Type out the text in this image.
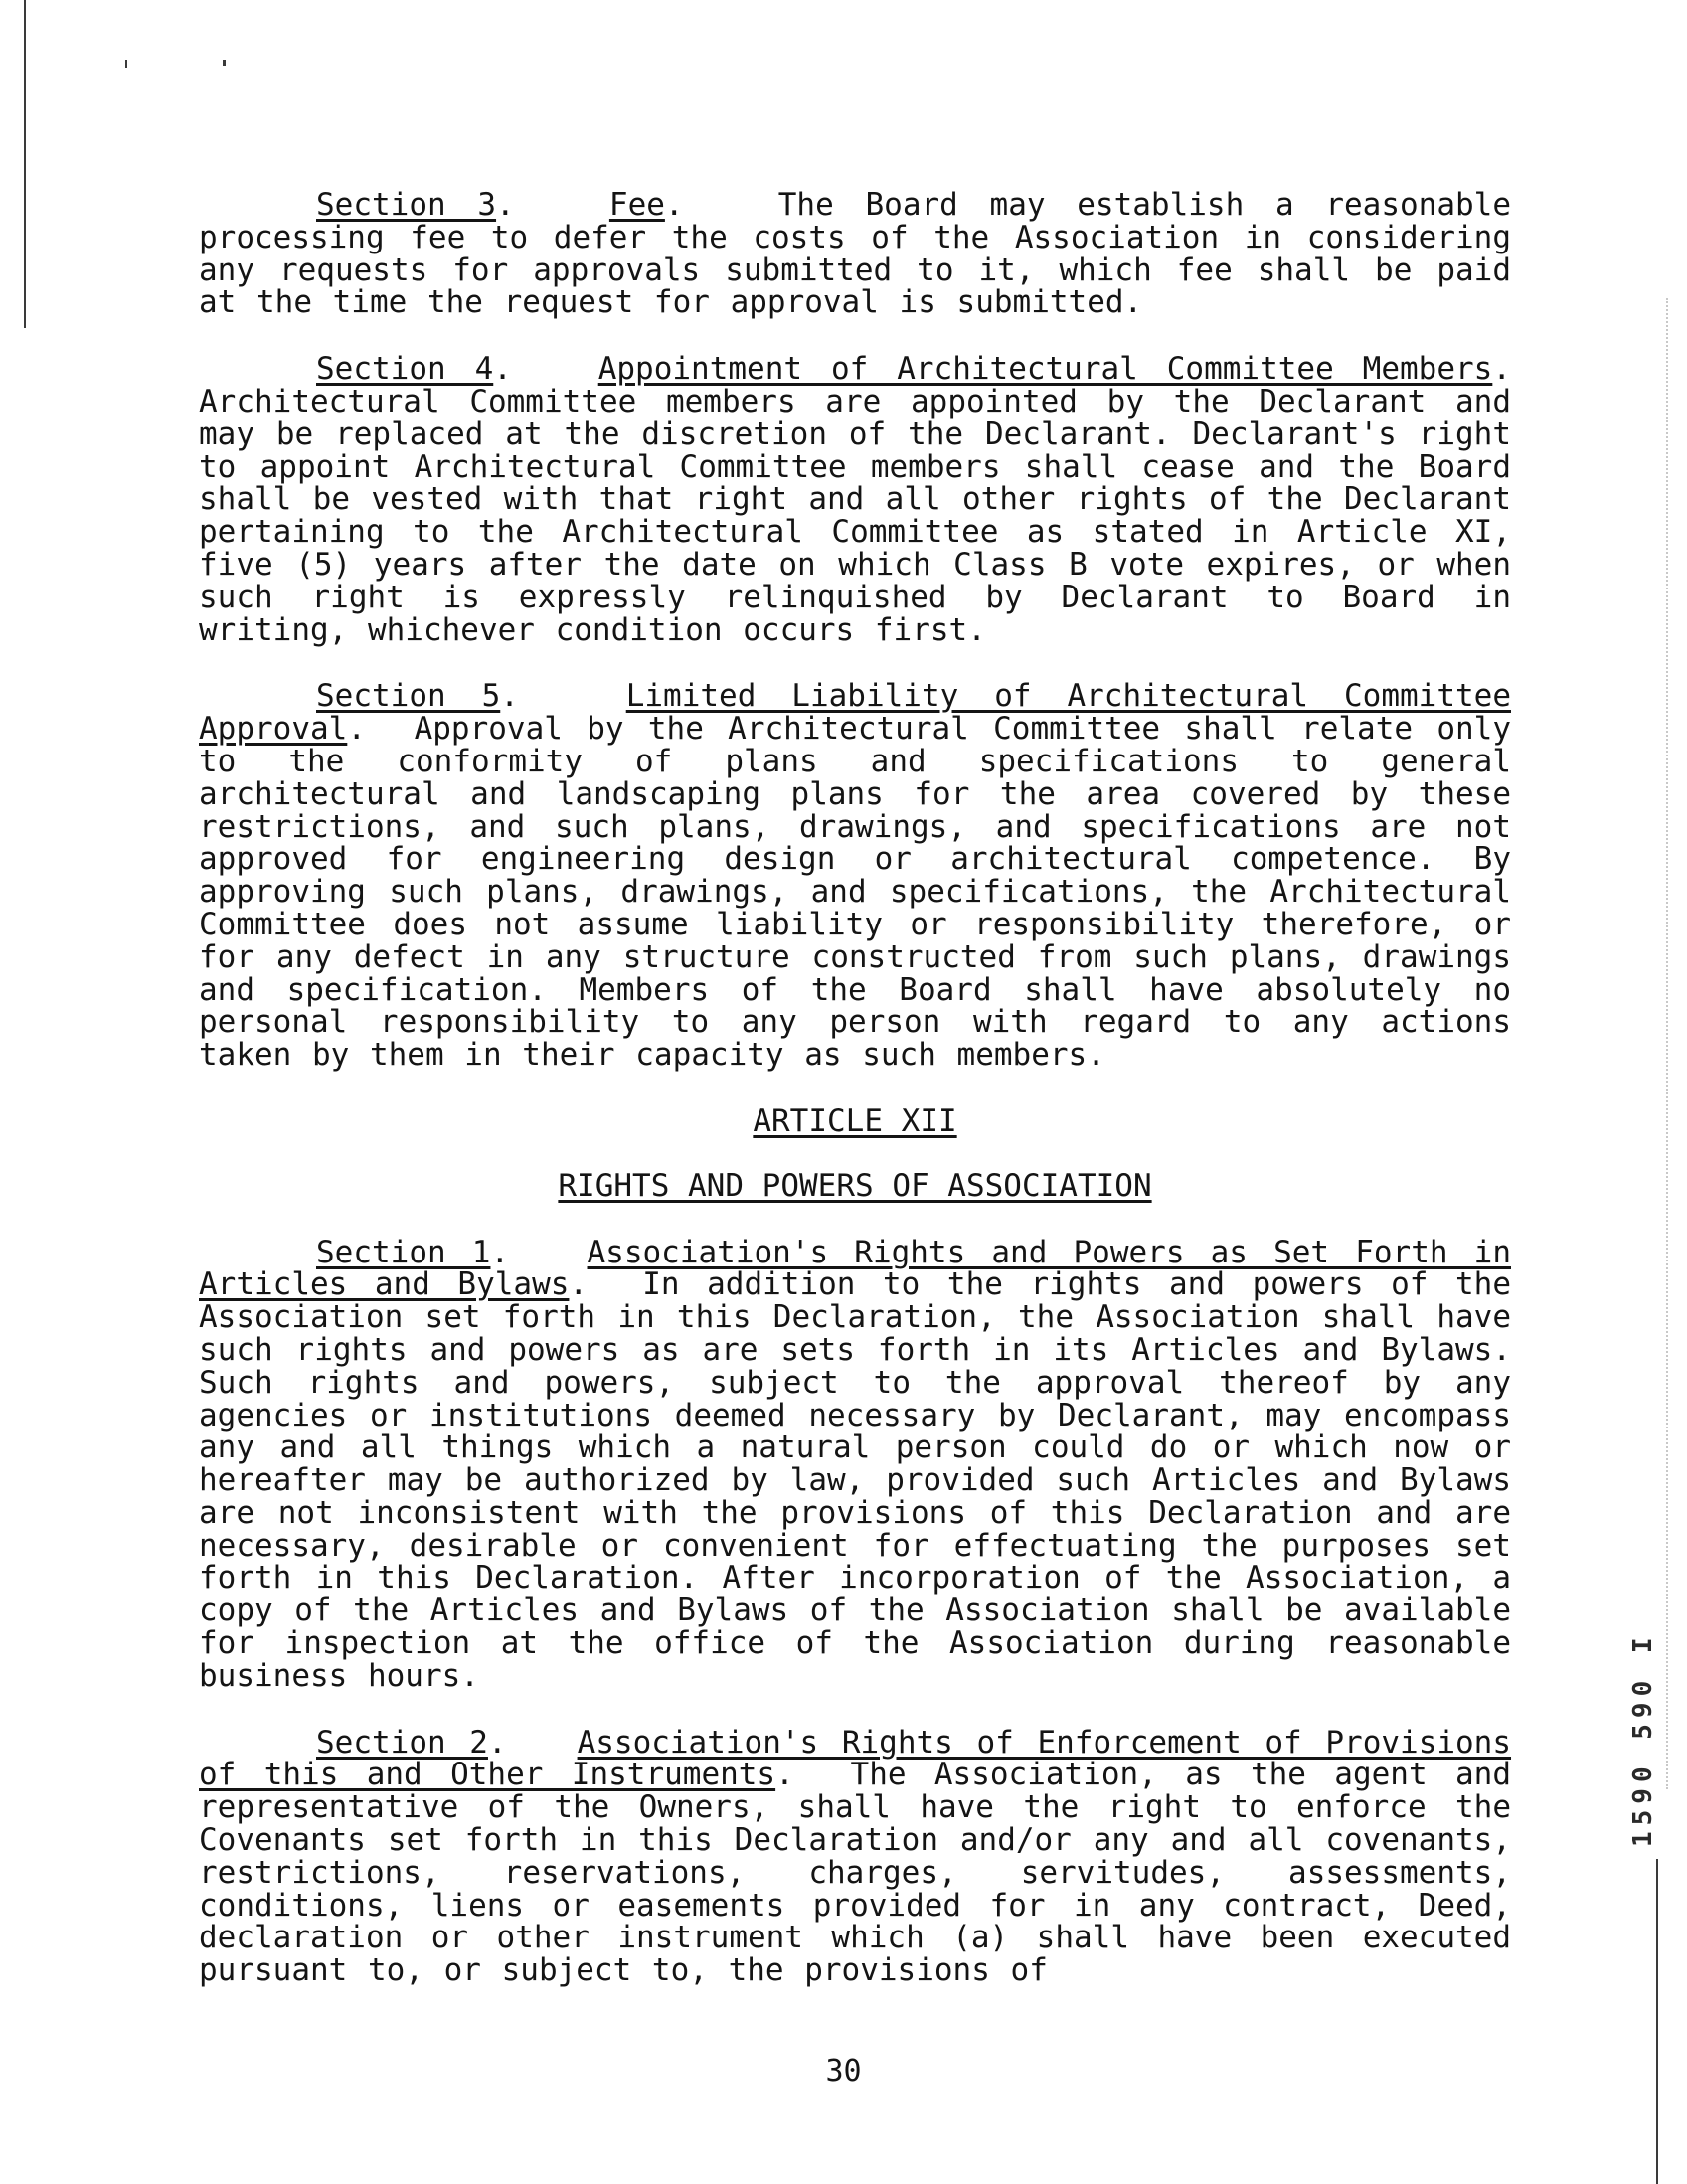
1590 590 I

Section 3.   Fee.   The Board may establish a reasonable processing fee to defer the costs of the Association in considering any requests for approvals submitted to it, which fee shall be paid at the time the request for approval is submitted.

Section 4.   Appointment of Architectural Committee Members. Architectural Committee members are appointed by the Declarant and may be replaced at the discretion of the Declarant. Declarant's right to appoint Architectural Committee members shall cease and the Board shall be vested with that right and all other rights of the Declarant pertaining to the Architectural Committee as stated in Article XI, five (5) years after the date on which Class B vote expires, or when such right is expressly relinquished by Declarant to Board in writing, whichever condition occurs first.

Section 5.   Limited Liability of Architectural Committee Approval.  Approval by the Architectural Committee shall relate only to the conformity of plans and specifications to general architectural and landscaping plans for the area covered by these restrictions, and such plans, drawings, and specifications are not approved for engineering design or architectural competence. By approving such plans, drawings, and specifications, the Architectural Committee does not assume liability or responsibility therefore, or for any defect in any structure constructed from such plans, drawings and specification. Members of the Board shall have absolutely no personal responsibility to any person with regard to any actions taken by them in their capacity as such members.

ARTICLE XII

RIGHTS AND POWERS OF ASSOCIATION

Section 1.   Association's Rights and Powers as Set Forth in Articles and Bylaws.  In addition to the rights and powers of the Association set forth in this Declaration, the Association shall have such rights and powers as are sets forth in its Articles and Bylaws. Such rights and powers, subject to the approval thereof by any agencies or institutions deemed necessary by Declarant, may encompass any and all things which a natural person could do or which now or hereafter may be authorized by law, provided such Articles and Bylaws are not inconsistent with the provisions of this Declaration and are necessary, desirable or convenient for effectuating the purposes set forth in this Declaration. After incorporation of the Association, a copy of the Articles and Bylaws of the Association shall be available for inspection at the office of the Association during reasonable business hours.

Section 2.   Association's Rights of Enforcement of Provisions of this and Other Instruments.  The Association, as the agent and representative of the Owners, shall have the right to enforce the Covenants set forth in this Declaration and/or any and all covenants, restrictions, reservations, charges, servitudes, assessments, conditions, liens or easements provided for in any contract, Deed, declaration or other instrument which (a) shall have been executed pursuant to, or subject to, the provisions of

30
